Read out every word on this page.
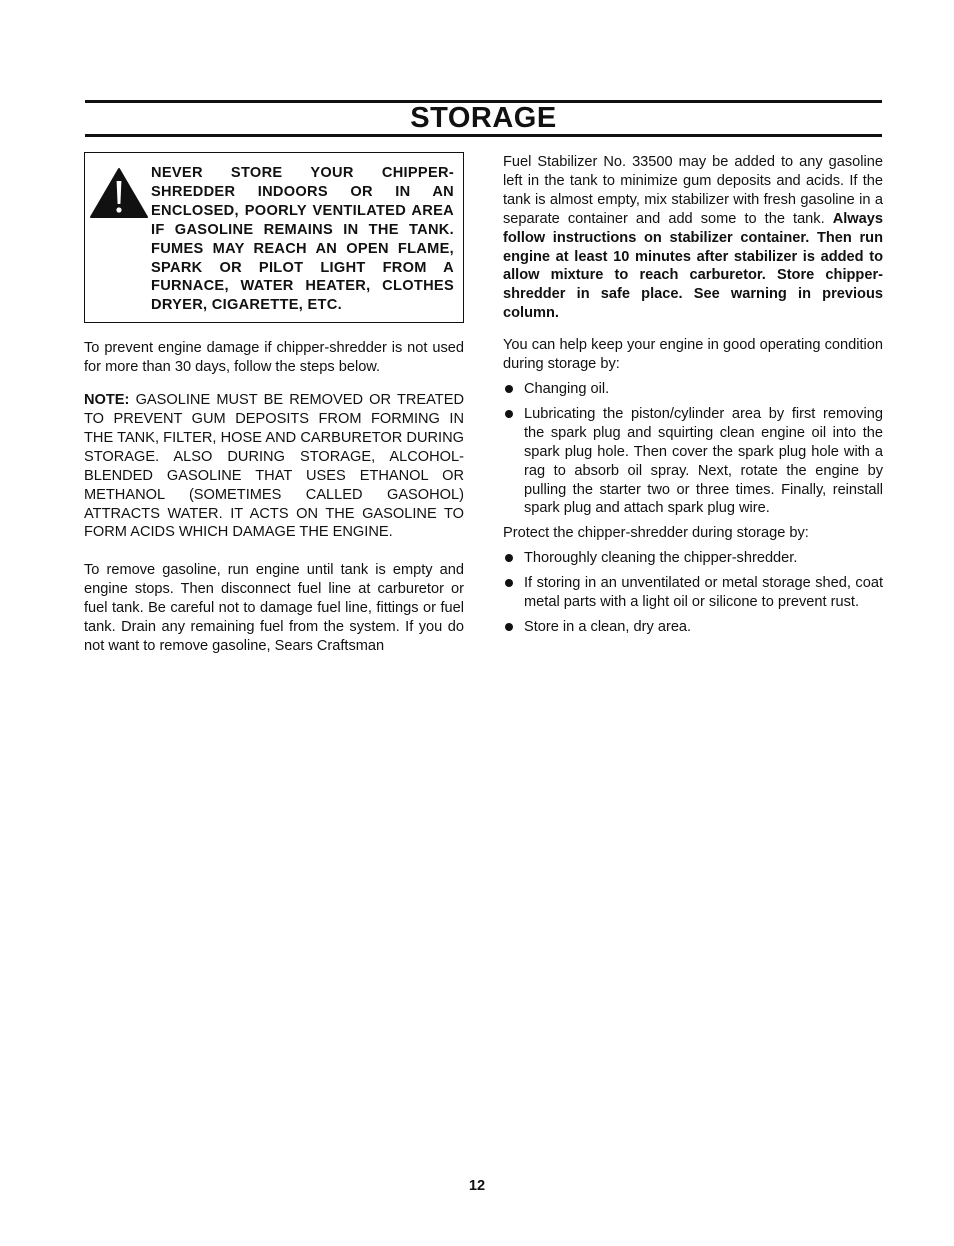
STORAGE

NEVER STORE YOUR CHIPPER-SHREDDER INDOORS OR IN AN ENCLOSED, POORLY VENTILATED AREA IF GASOLINE REMAINS IN THE TANK. FUMES MAY REACH AN OPEN FLAME, SPARK OR PILOT LIGHT FROM A FURNACE, WATER HEATER, CLOTHES DRYER, CIGARETTE, ETC.

To prevent engine damage if chipper-shredder is not used for more than 30 days, follow the steps below.

NOTE: GASOLINE MUST BE REMOVED OR TREATED TO PREVENT GUM DEPOSITS FROM FORMING IN THE TANK, FILTER, HOSE AND CARBURETOR DURING STORAGE. ALSO DURING STORAGE, ALCOHOL-BLENDED GASOLINE THAT USES ETHANOL OR METHANOL (SOMETIMES CALLED GASOHOL) ATTRACTS WATER. IT ACTS ON THE GASOLINE TO FORM ACIDS WHICH DAMAGE THE ENGINE.

To remove gasoline, run engine until tank is empty and engine stops. Then disconnect fuel line at carburetor or fuel tank. Be careful not to damage fuel line, fittings or fuel tank. Drain any remaining fuel from the system. If you do not want to remove gasoline, Sears Craftsman

Fuel Stabilizer No. 33500 may be added to any gasoline left in the tank to minimize gum deposits and acids. If the tank is almost empty, mix stabilizer with fresh gasoline in a separate container and add some to the tank. Always follow instructions on stabilizer container. Then run engine at least 10 minutes after stabilizer is added to allow mixture to reach carburetor. Store chipper-shredder in safe place. See warning in previous column.

You can help keep your engine in good operating condition during storage by:

Changing oil.
Lubricating the piston/cylinder area by first removing the spark plug and squirting clean engine oil into the spark plug hole. Then cover the spark plug hole with a rag to absorb oil spray. Next, rotate the engine by pulling the starter two or three times. Finally, reinstall spark plug and attach spark plug wire.

Protect the chipper-shredder during storage by:

Thoroughly cleaning the chipper-shredder.
If storing in an unventilated or metal storage shed, coat metal parts with a light oil or silicone to prevent rust.
Store in a clean, dry area.
12
